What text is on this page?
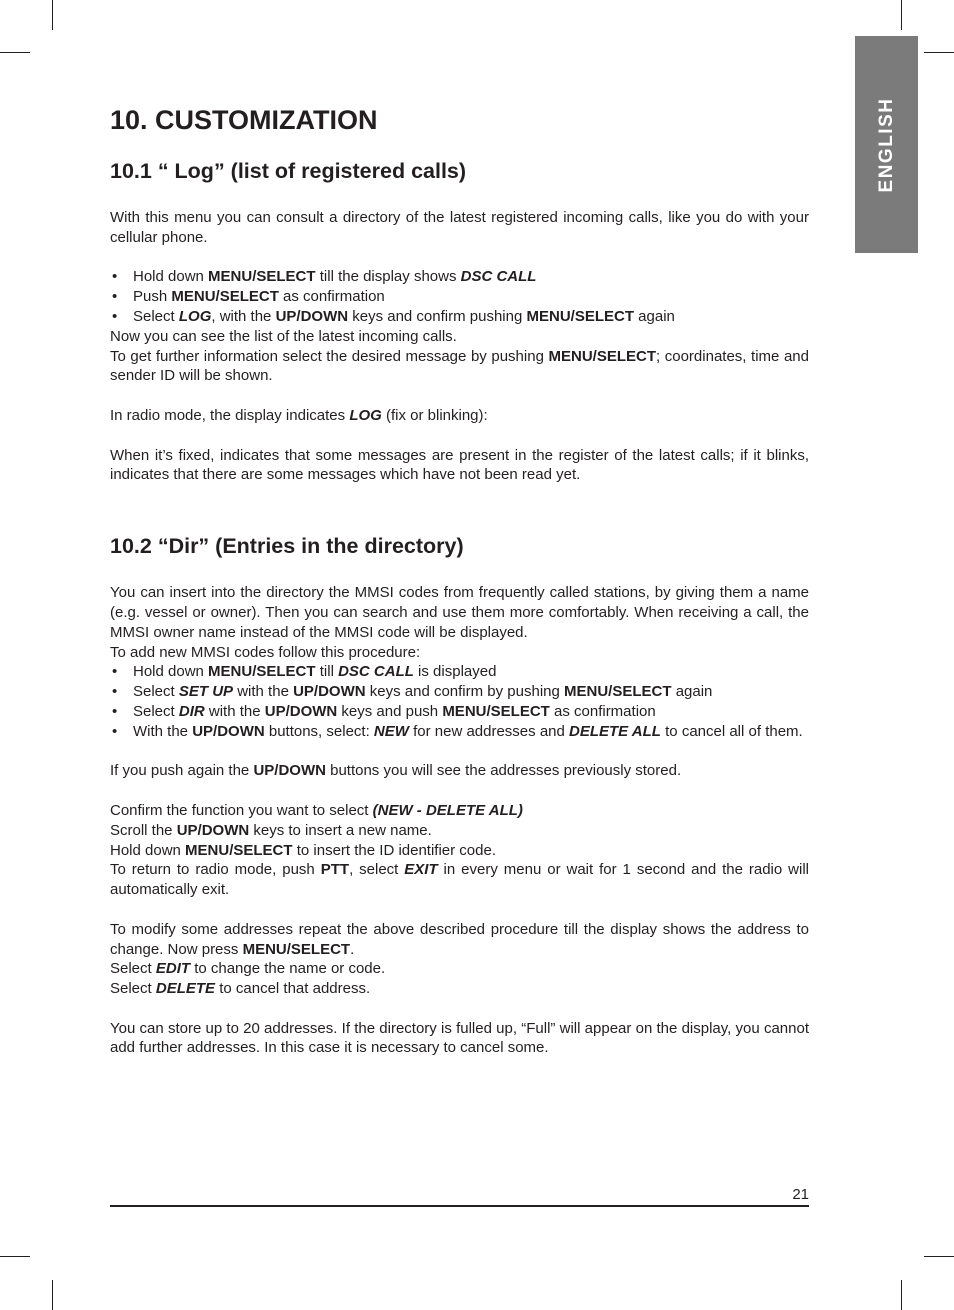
ENGLISH
10. CUSTOMIZATION
10.1 “ Log” (list of registered calls)

With this menu you can consult a directory of the latest registered incoming calls, like you do with your cellular phone.

• Hold down MENU/SELECT till the display shows DSC CALL
• Push MENU/SELECT as confirmation
• Select LOG, with the UP/DOWN keys and confirm pushing MENU/SELECT again

Now you can see the list of the latest incoming calls.

To get further information select the desired message by pushing MENU/SELECT; coordinates, time and sender ID will be shown.

In radio mode, the display indicates LOG (fix or blinking):

When it’s fixed, indicates that some messages are present in the register of the latest calls; if it blinks, indicates that there are some messages which have not been read yet.

10.2 “Dir” (Entries in the directory)

You can insert into the directory the MMSI codes from frequently called stations, by giving them a name (e.g. vessel or owner). Then you can search and use them more comfortably. When receiving a call, the MMSI owner name instead of the MMSI code will be displayed.

To add new MMSI codes follow this procedure:

• Hold down MENU/SELECT till DSC CALL is displayed
• Select SET UP with the UP/DOWN keys and confirm by pushing MENU/SELECT again
• Select DIR with the UP/DOWN keys and push MENU/SELECT as confirmation
• With the UP/DOWN buttons, select: NEW for new addresses and DELETE ALL to cancel all of them.

If you push again the UP/DOWN buttons you will see the addresses previously stored.

Confirm the function you want to select (NEW - DELETE ALL)

Scroll the UP/DOWN keys to insert a new name.

Hold down MENU/SELECT to insert the ID identifier code.

To return to radio mode, push PTT, select EXIT in every menu or wait for 1 second and the radio will automatically exit.

To modify some addresses repeat the above described procedure till the display shows the address to change. Now press MENU/SELECT.

Select EDIT to change the name or code.

Select DELETE to cancel that address.

You can store up to 20 addresses. If the directory is fulled up, “Full” will appear on the display, you cannot add further addresses. In this case it is necessary to cancel some.

21
